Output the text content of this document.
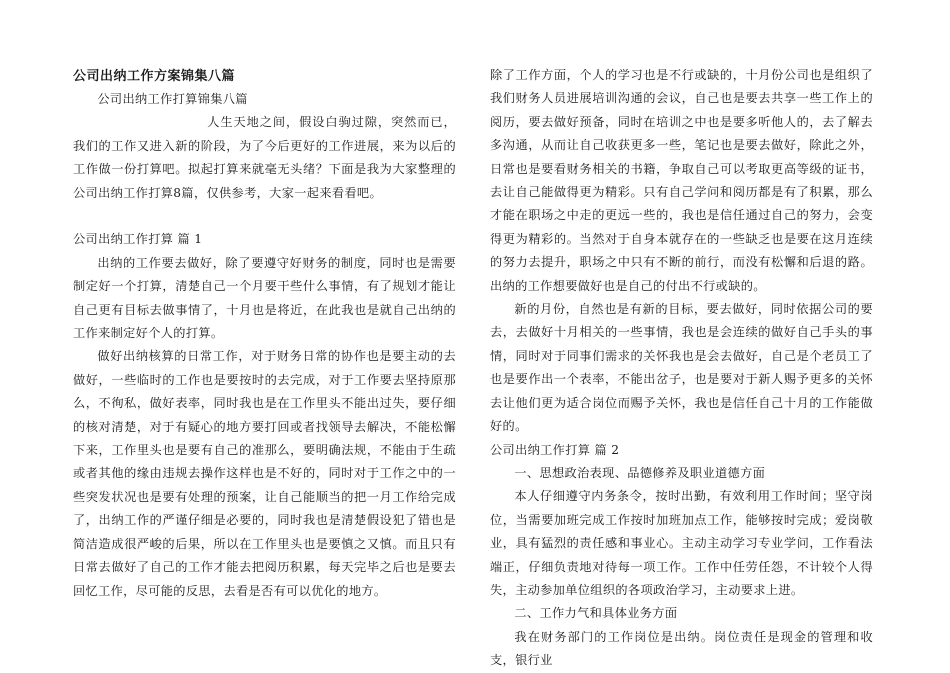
公司出纳工作方案锦集八篇

公司出纳工作打算锦集八篇

人生天地之间，假设白驹过隙，突然而已，我们的工作又进入新的阶段，为了今后更好的工作进展，来为以后的工作做一份打算吧。拟起打算来就毫无头绪？下面是我为大家整理的公司出纳工作打算8篇，仅供参考，大家一起来看看吧。

公司出纳工作打算 篇 1

出纳的工作要去做好，除了要遵守好财务的制度，同时也是需要制定好一个打算，清楚自己一个月要干些什么事情，有了规划才能让自己更有目标去做事情了，十月也是将近，在此我也是就自己出纳的工作来制定好个人的打算。

做好出纳核算的日常工作，对于财务日常的协作也是要主动的去做好，一些临时的工作也是要按时的去完成，对于工作要去坚持原那么，不徇私，做好表率，同时我也是在工作里头不能出过失，要仔细的核对清楚，对于有疑心的地方要打回或者找领导去解决，不能松懈下来，工作里头也是要有自己的准那么，要明确法规，不能由于生疏或者其他的缘由违规去操作这样也是不好的，同时对于工作之中的一些突发状况也是要有处理的预案，让自己能顺当的把一月工作给完成了，出纳工作的严谨仔细是必要的，同时我也是清楚假设犯了错也是简洁造成很严峻的后果，所以在工作里头也是要慎之又慎。而且只有日常去做好了自己的工作才能去把阅历积累，每天完毕之后也是要去回忆工作，尽可能的反思，去看是否有可以优化的地方。

除了工作方面，个人的学习也是不行或缺的，十月份公司也是组织了我们财务人员进展培训沟通的会议，自己也是要去共享一些工作上的阅历，要去做好预备，同时在培训之中也是要多听他人的，去了解去多沟通，从而让自己收获更多一些，笔记也是要去做好，除此之外，日常也是要看财务相关的书籍，争取自己可以考取更高等级的证书，去让自己能做得更为精彩。只有自己学问和阅历都是有了积累，那么才能在职场之中走的更远一些的，我也是信任通过自己的努力，会变得更为精彩的。当然对于自身本就存在的一些缺乏也是要在这月连续的努力去提升，职场之中只有不断的前行，而没有松懈和后退的路。出纳的工作想要做好也是自己的付出不行或缺的。

新的月份，自然也是有新的目标，要去做好，同时依据公司的要去，去做好十月相关的一些事情，我也是会连续的做好自己手头的事情，同时对于同事们需求的关怀我也是会去做好，自己是个老员工了也是要作出一个表率，不能出岔子，也是要对于新人赐予更多的关怀去让他们更为适合岗位而赐予关怀，我也是信任自己十月的工作能做好的。

公司出纳工作打算 篇 2

一、思想政治表现、品德修养及职业道德方面

本人仔细遵守内务条令，按时出勤，有效利用工作时间；坚守岗位，当需要加班完成工作按时加班加点工作，能够按时完成；爱岗敬业，具有猛烈的责任感和事业心。主动主动学习专业学问，工作看法端正，仔细负责地对待每一项工作。工作中任劳任怨，不计较个人得失，主动参加单位组织的各项政治学习，主动要求上进。

二、工作力气和具体业务方面

我在财务部门的工作岗位是出纳。岗位责任是现金的管理和收支，银行业
